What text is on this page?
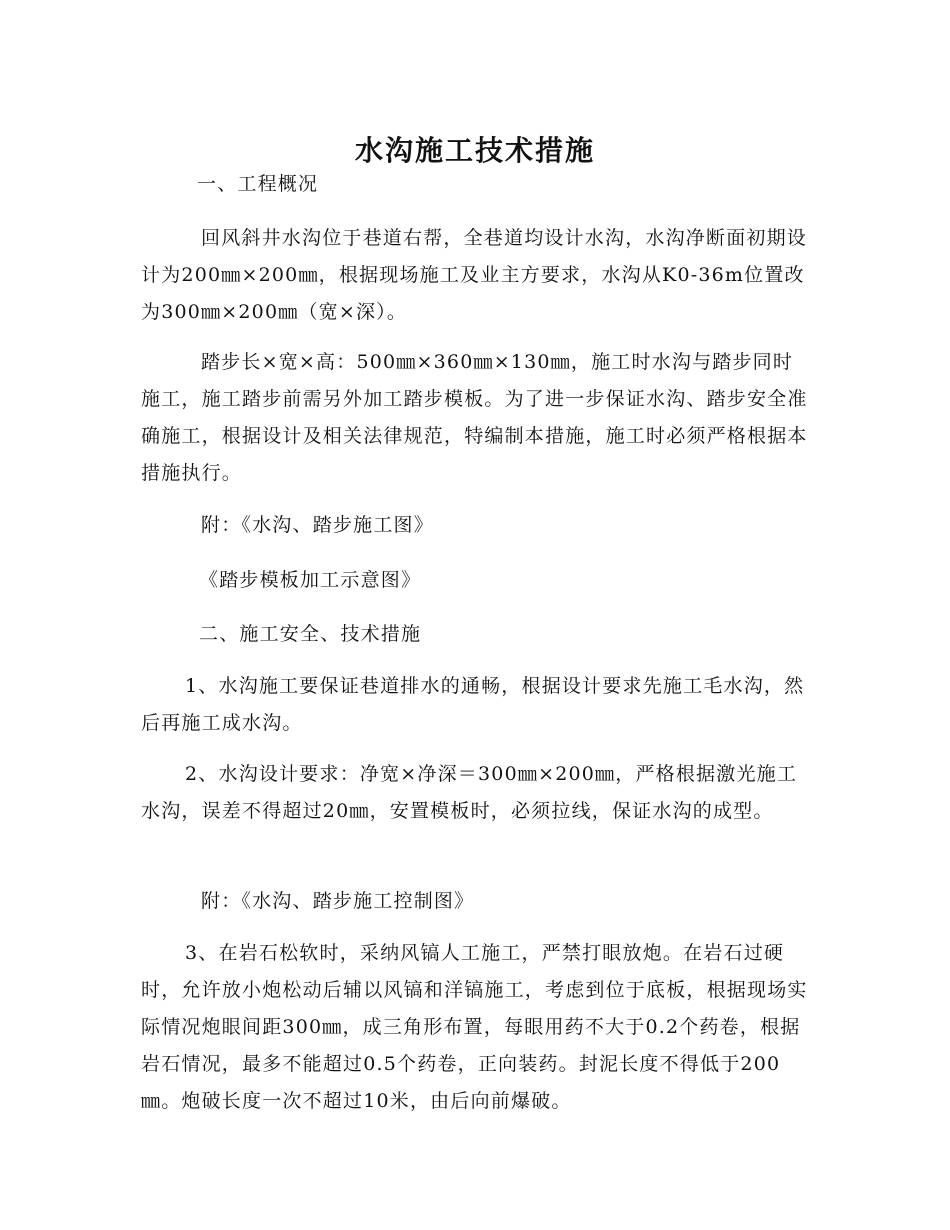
水沟施工技术措施

一、工程概况

回风斜井水沟位于巷道右帮，全巷道均设计水沟，水沟净断面初期设计为200㎜×200㎜，根据现场施工及业主方要求，水沟从K0-36m位置改为300㎜×200㎜（宽×深）。

踏步长×宽×高：500㎜×360㎜×130㎜，施工时水沟与踏步同时施工，施工踏步前需另外加工踏步模板。为了进一步保证水沟、踏步安全准确施工，根据设计及相关法律规范，特编制本措施，施工时必须严格根据本措施执行。

附：《水沟、踏步施工图》

《踏步模板加工示意图》

二、施工安全、技术措施

1、水沟施工要保证巷道排水的通畅，根据设计要求先施工毛水沟，然后再施工成水沟。

2、水沟设计要求：净宽×净深＝300㎜×200㎜，严格根据激光施工水沟，误差不得超过20㎜，安置模板时，必须拉线，保证水沟的成型。

附：《水沟、踏步施工控制图》

3、在岩石松软时，采纳风镐人工施工，严禁打眼放炮。在岩石过硬时，允许放小炮松动后辅以风镐和洋镐施工，考虑到位于底板，根据现场实际情况炮眼间距300㎜，成三角形布置，每眼用药不大于0.2个药卷，根据岩石情况，最多不能超过0.5个药卷，正向装药。封泥长度不得低于200㎜。炮破长度一次不超过10米，由后向前爆破。
